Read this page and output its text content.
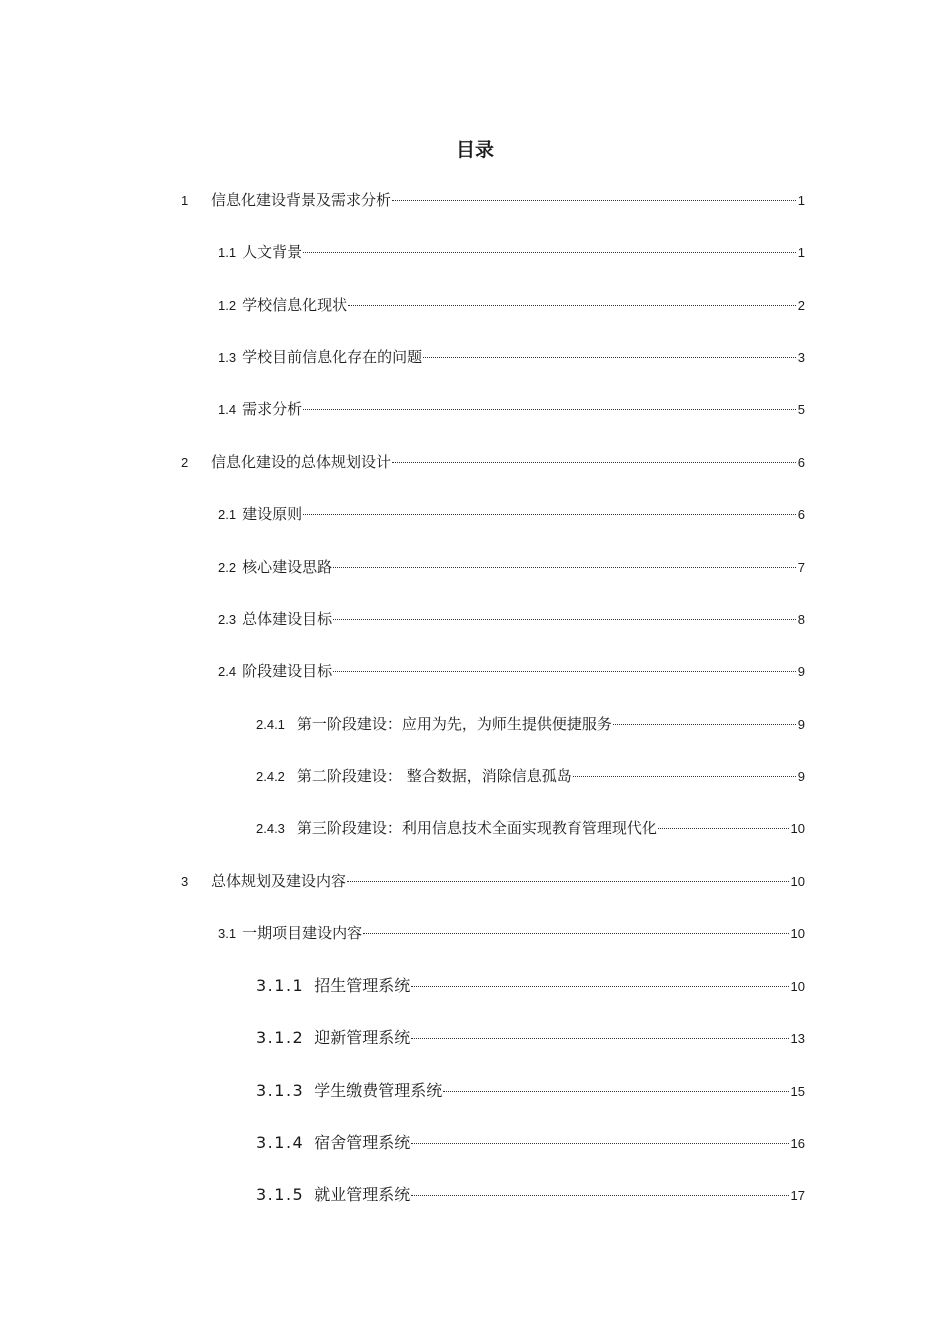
目录
1	信息化建设背景及需求分析	1
1.1 人文背景	1
1.2 学校信息化现状	2
1.3 学校目前信息化存在的问题	3
1.4 需求分析	5
2	信息化建设的总体规划设计	6
2.1 建设原则	6
2.2 核心建设思路	7
2.3 总体建设目标	8
2.4 阶段建设目标	9
2.4.1 第一阶段建设：应用为先，为师生提供便捷服务	9
2.4.2 第二阶段建设： 整合数据，消除信息孤岛	9
2.4.3 第三阶段建设：利用信息技术全面实现教育管理现代化	10
3	总体规划及建设内容	10
3.1 一期项目建设内容	10
3.1.1 招生管理系统	10
3.1.2 迎新管理系统	13
3.1.3 学生缴费管理系统	15
3.1.4 宿舍管理系统	16
3.1.5 就业管理系统	17
